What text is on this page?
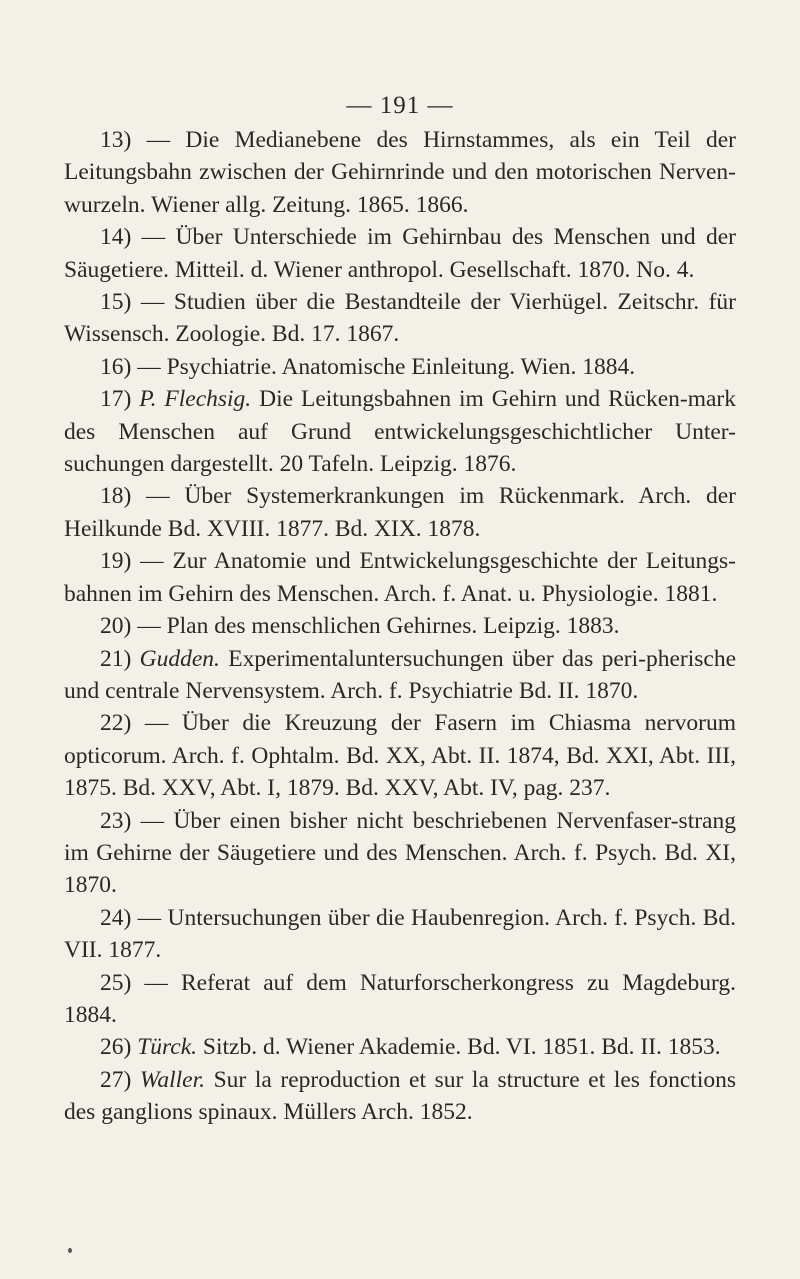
— 191 —

13) — Die Medianebene des Hirnstammes, als ein Teil der Leitungsbahn zwischen der Gehirnrinde und den motorischen Nerven-wurzeln. Wiener allg. Zeitung. 1865. 1866.

14) — Über Unterschiede im Gehirnbau des Menschen und der Säugetiere. Mitteil. d. Wiener anthropol. Gesellschaft. 1870. No. 4.

15) — Studien über die Bestandteile der Vierhügel. Zeitschr. für Wissensch. Zoologie. Bd. 17. 1867.

16) — Psychiatrie. Anatomische Einleitung. Wien. 1884.

17) P. Flechsig. Die Leitungsbahnen im Gehirn und Rücken-mark des Menschen auf Grund entwickelungsgeschichtlicher Unter-suchungen dargestellt. 20 Tafeln. Leipzig. 1876.

18) — Über Systemerkrankungen im Rückenmark. Arch. der Heilkunde Bd. XVIII. 1877. Bd. XIX. 1878.

19) — Zur Anatomie und Entwickelungsgeschichte der Leitungs-bahnen im Gehirn des Menschen. Arch. f. Anat. u. Physiologie. 1881.

20) — Plan des menschlichen Gehirnes. Leipzig. 1883.

21) Gudden. Experimentaluntersuchungen über das peri-pherische und centrale Nervensystem. Arch. f. Psychiatrie Bd. II. 1870.

22) — Über die Kreuzung der Fasern im Chiasma nervorum opticorum. Arch. f. Ophtalm. Bd. XX, Abt. II. 1874, Bd. XXI, Abt. III, 1875. Bd. XXV, Abt. I, 1879. Bd. XXV, Abt. IV, pag. 237.

23) — Über einen bisher nicht beschriebenen Nervenfaser-strang im Gehirne der Säugetiere und des Menschen. Arch. f. Psych. Bd. XI, 1870.

24) — Untersuchungen über die Haubenregion. Arch. f. Psych. Bd. VII. 1877.

25) — Referat auf dem Naturforscherkongress zu Magdeburg. 1884.

26) Türck. Sitzb. d. Wiener Akademie. Bd. VI. 1851. Bd. II. 1853.

27) Waller. Sur la reproduction et sur la structure et les fonctions des ganglions spinaux. Müllers Arch. 1852.
